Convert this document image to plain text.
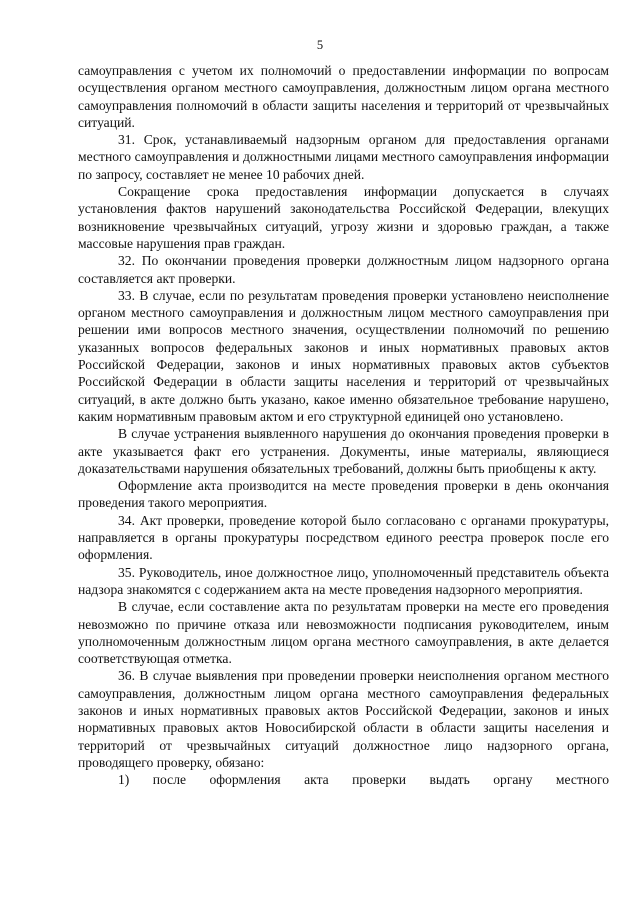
5

самоуправления с учетом их полномочий о предоставлении информации по вопросам осуществления органом местного самоуправления, должностным лицом органа местного самоуправления полномочий в области защиты населения и территорий от чрезвычайных ситуаций.

31. Срок, устанавливаемый надзорным органом для предоставления органами местного самоуправления и должностными лицами местного самоуправления информации по запросу, составляет не менее 10 рабочих дней.

Сокращение срока предоставления информации допускается в случаях установления фактов нарушений законодательства Российской Федерации, влекущих возникновение чрезвычайных ситуаций, угрозу жизни и здоровью граждан, а также массовые нарушения прав граждан.

32. По окончании проведения проверки должностным лицом надзорного органа составляется акт проверки.

33. В случае, если по результатам проведения проверки установлено неисполнение органом местного самоуправления и должностным лицом местного самоуправления при решении ими вопросов местного значения, осуществлении полномочий по решению указанных вопросов федеральных законов и иных нормативных правовых актов Российской Федерации, законов и иных нормативных правовых актов субъектов Российской Федерации в области защиты населения и территорий от чрезвычайных ситуаций, в акте должно быть указано, какое именно обязательное требование нарушено, каким нормативным правовым актом и его структурной единицей оно установлено.

В случае устранения выявленного нарушения до окончания проведения проверки в акте указывается факт его устранения. Документы, иные материалы, являющиеся доказательствами нарушения обязательных требований, должны быть приобщены к акту.

Оформление акта производится на месте проведения проверки в день окончания проведения такого мероприятия.

34. Акт проверки, проведение которой было согласовано с органами прокуратуры, направляется в органы прокуратуры посредством единого реестра проверок после его оформления.

35. Руководитель, иное должностное лицо, уполномоченный представитель объекта надзора знакомятся с содержанием акта на месте проведения надзорного мероприятия.

В случае, если составление акта по результатам проверки на месте его проведения невозможно по причине отказа или невозможности подписания руководителем, иным уполномоченным должностным лицом органа местного самоуправления, в акте делается соответствующая отметка.

36. В случае выявления при проведении проверки неисполнения органом местного самоуправления, должностным лицом органа местного самоуправления федеральных законов и иных нормативных правовых актов Российской Федерации, законов и иных нормативных правовых актов Новосибирской области в области защиты населения и территорий от чрезвычайных ситуаций должностное лицо надзорного органа, проводящего проверку, обязано:

1) после оформления акта проверки выдать органу местного
